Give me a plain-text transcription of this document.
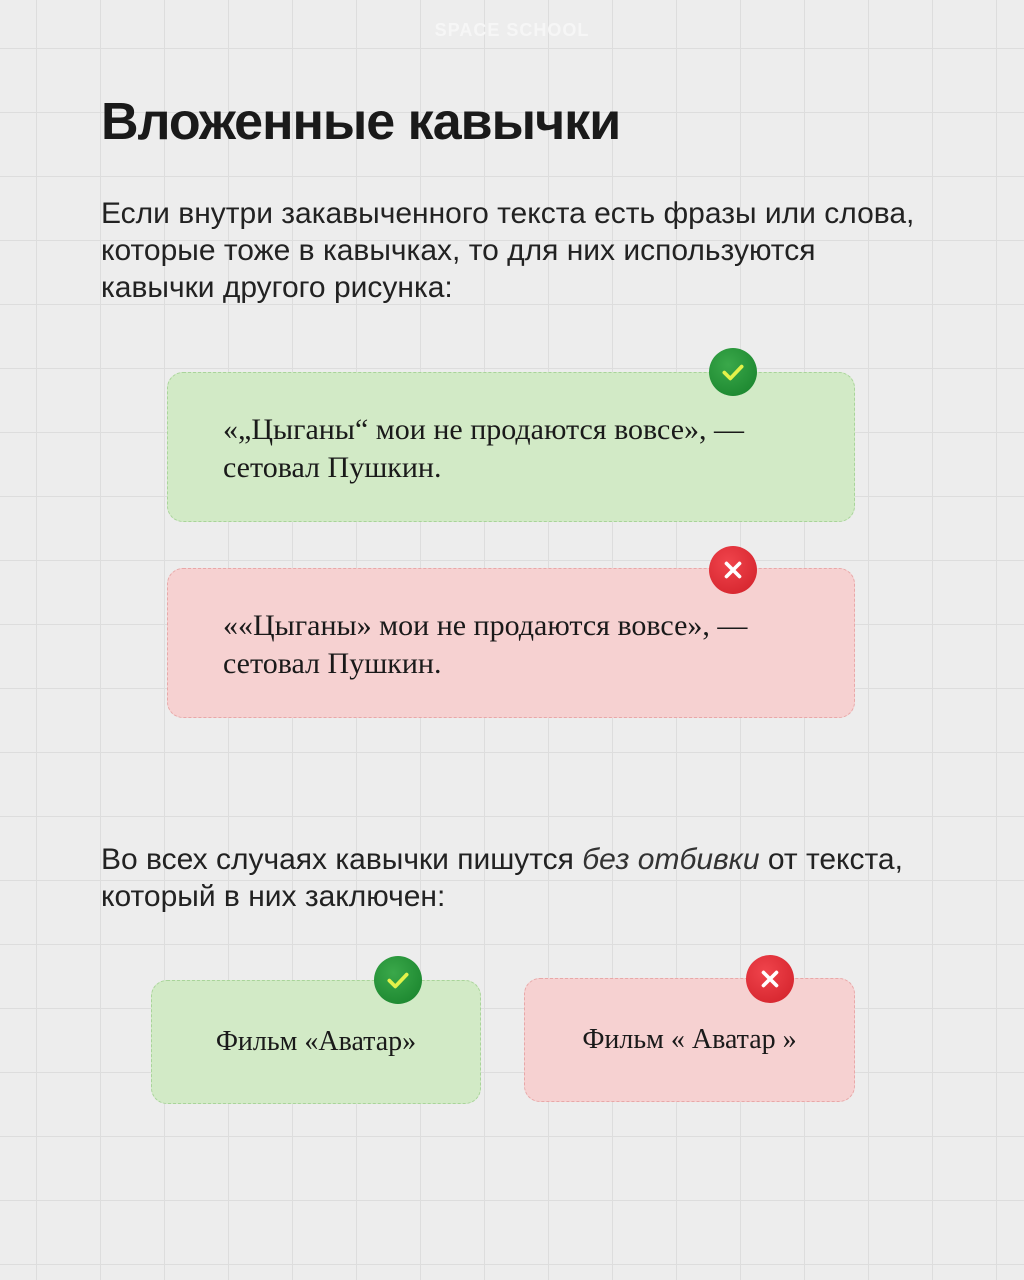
SPACE SCHOOL
Вложенные кавычки

Если внутри закавыченного текста есть фразы или слова, которые тоже в кавычках, то для них используются кавычки другого рисунка:

«„Цыганы“ мои не продаются вовсе», —
сетовал Пушкин.

««Цыганы» мои не продаются вовсе», —
сетовал Пушкин.

Во всех случаях кавычки пишутся без отбивки от текста, который в них заключен:

Фильм «Аватар»	Фильм « Аватар »
